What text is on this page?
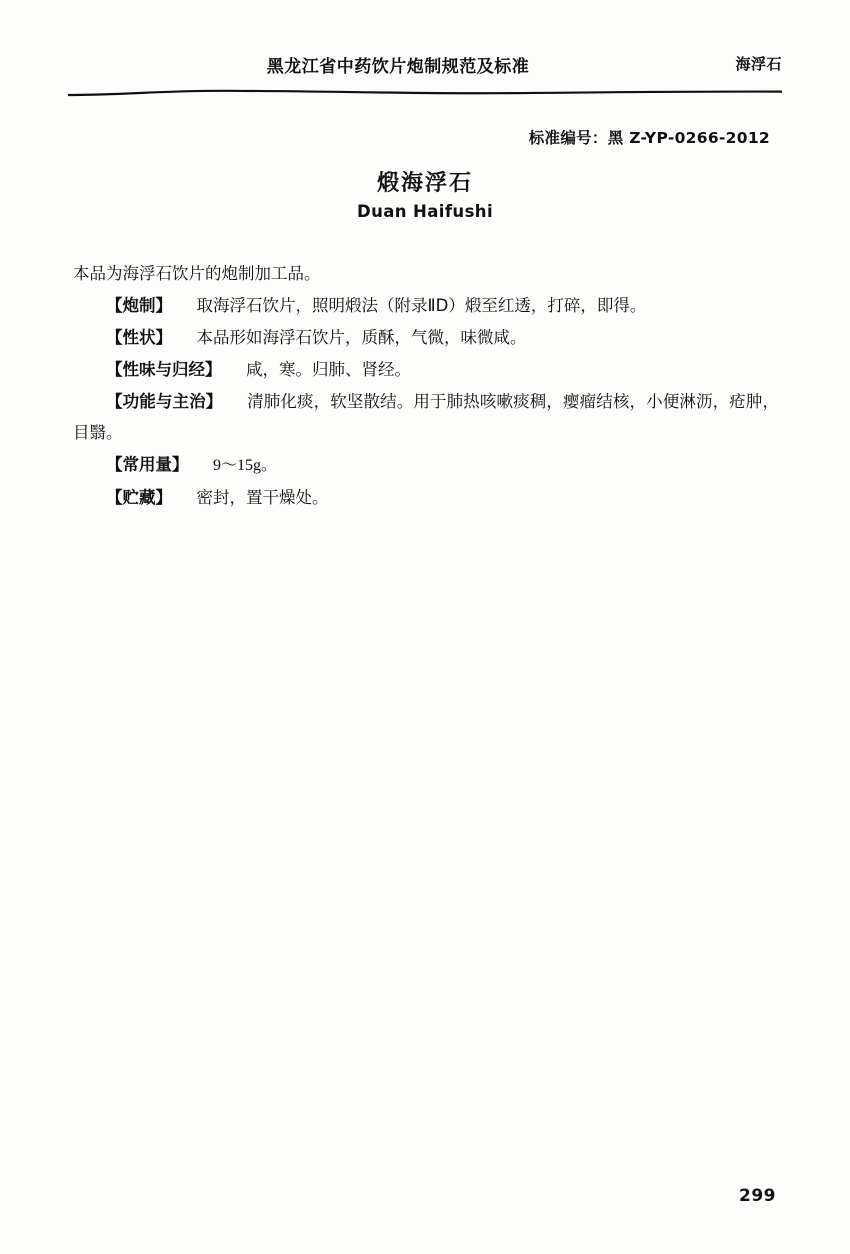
黑龙江省中药饮片炮制规范及标准	海浮石
标准编号：黑 Z-YP-0266-2012
煅海浮石
Duan Haifushi

本品为海浮石饮片的炮制加工品。

【炮制】 取海浮石饮片，照明煅法（附录ⅡD）煅至红透，打碎，即得。

【性状】 本品形如海浮石饮片，质酥，气微，味微咸。

【性味与归经】 咸，寒。归肺、肾经。

【功能与主治】 清肺化痰，软坚散结。用于肺热咳嗽痰稠，瘿瘤结核，小便淋沥，疮肿，目翳。

【常用量】 9～15g。

【贮藏】 密封，置干燥处。

299
